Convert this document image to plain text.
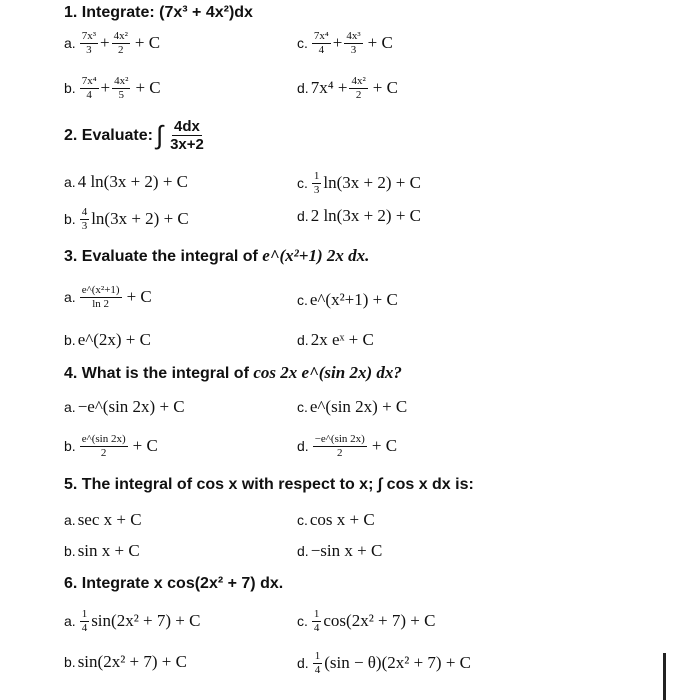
1. Integrate: (7x³ + 4x²)dx
a. $\frac{\text{7x³}}{3} + \frac{\text{4x²}}{2} + C$	c. $\frac{\text{7x⁴}}{4} + \frac{\text{4x³}}{3} + C$
b. $\frac{\text{7x⁴}}{4} + \frac{\text{4x²}}{5} + C$	d. $7x^4 + \frac{\text{4x²}}{2} + C$
2. Evaluate: ∫ $\frac{4dx}{3x+2}$
a. 4 ln(3x + 2) + C	c. $\frac{1}{3} \ln(3x + 2) + C$
b. $\frac{4}{3} \ln(3x + 2) + C$	d. 2 ln(3x + 2) + C
3. Evaluate the integral of e^(x²+1) 2x dx.
a. $\frac{\text{e\textasciicircum{}(x²+1)}}{\ln 2} + C$	c. e^(x²+1) + C
b. e^(2x) + C	d. 2x eˣ + C
4. What is the integral of cos 2x e^(sin 2x) dx?
a. −e^(sin 2x) + C	c. e^(sin 2x) + C
b. $\frac{e\^{}(\sin 2x)}{2} + C$	d. $\frac{-e\^{}(\sin 2x)}{2} + C$
5. The integral of cos x with respect to x; ∫ cos x dx is:
a. sec x + C	c. cos x + C
b. sin x + C	d. −sin x + C
6. Integrate x cos(2x² + 7) dx.
a. $\frac{1}{4} \sin(2x^2 + 7) + C$	c. $\frac{1}{4} \cos(2x^2 + 7) + C$
b. sin(2x² + 7) + C	d. $\frac{1}{4} (\sin - \theta)(2x^2 + 7) + C$
